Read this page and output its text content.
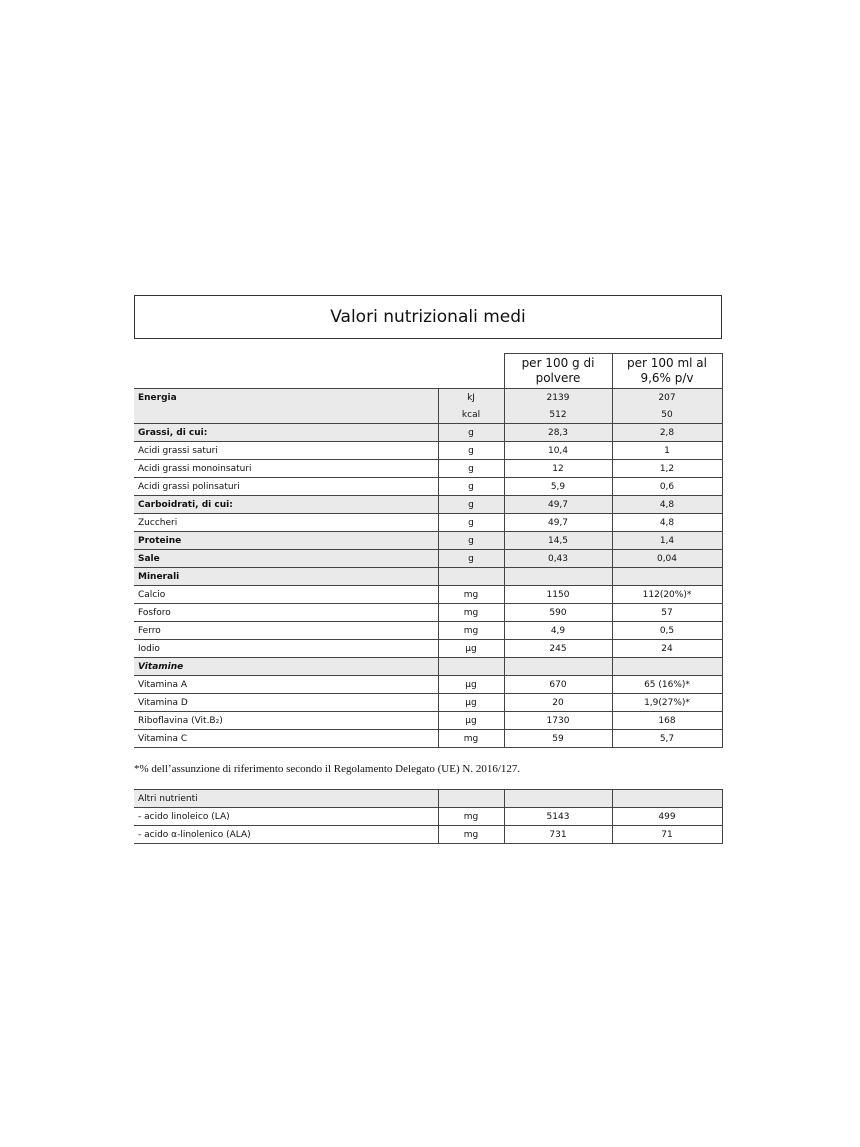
Valori nutrizionali medi
		per 100 g di polvere	per 100 ml al 9,6% p/v
Energia	kJ	2139	207
	kcal	512	50
Grassi, di cui:	g	28,3	2,8
Acidi grassi saturi	g	10,4	1
Acidi grassi monoinsaturi	g	12	1,2
Acidi grassi polinsaturi	g	5,9	0,6
Carboidrati, di cui:	g	49,7	4,8
Zuccheri	g	49,7	4,8
Proteine	g	14,5	1,4
Sale	g	0,43	0,04
Minerali			
Calcio	mg	1150	112(20%)*
Fosforo	mg	590	57
Ferro	mg	4,9	0,5
Iodio	μg	245	24
Vitamine			
Vitamina A	μg	670	65 (16%)*
Vitamina D	μg	20	1,9(27%)*
Riboflavina (Vit.B₂)	μg	1730	168
Vitamina C	mg	59	5,7
*% dell’assunzione di riferimento secondo il Regolamento Delegato (UE) N. 2016/127.
Altri nutrienti			
- acido linoleico (LA)	mg	5143	499
- acido α-linolenico (ALA)	mg	731	71
